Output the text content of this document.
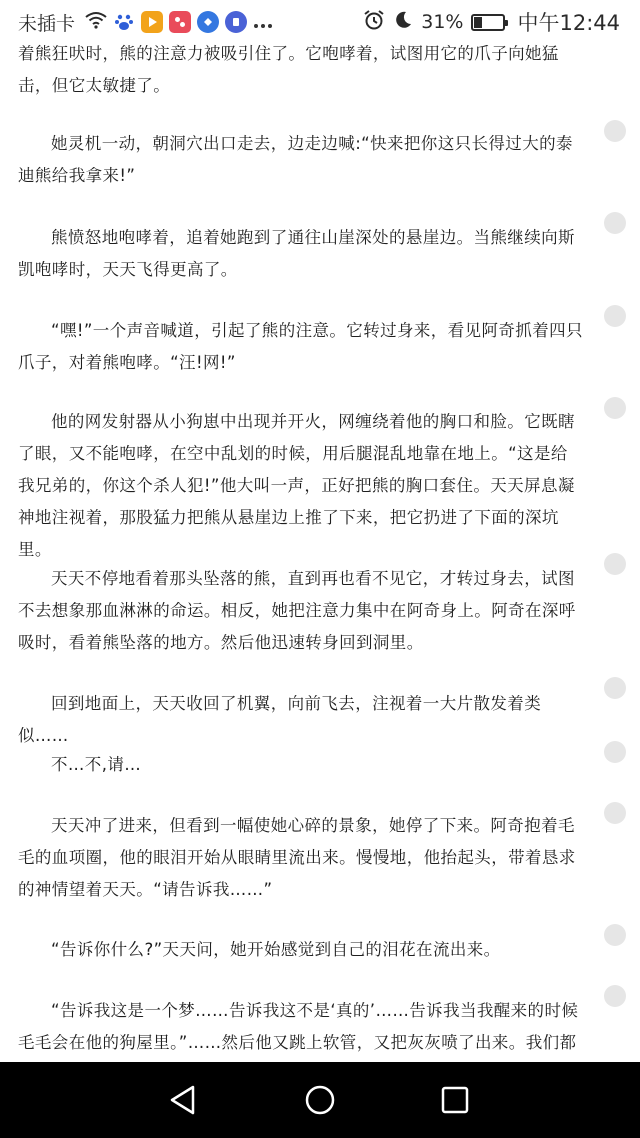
着熊狂吠时，熊的注意力被吸引住了。它咆哮着，试图用它的爪子向她猛击，但它太敏捷了。

她灵机一动，朝洞穴出口走去，边走边喊:“快来把你这只长得过大的泰迪熊给我拿来!”

熊愤怒地咆哮着，追着她跑到了通往山崖深处的悬崖边。当熊继续向斯凯咆哮时，天天飞得更高了。

“嘿!”一个声音喊道，引起了熊的注意。它转过身来，看见阿奇抓着四只爪子，对着熊咆哮。“汪!网!”

他的网发射器从小狗崽中出现并开火，网缠绕着他的胸口和脸。它既瞎了眼，又不能咆哮，在空中乱划的时候，用后腿混乱地靠在地上。“这是给我兄弟的，你这个杀人犯!”他大叫一声，正好把熊的胸口套住。天天屏息凝神地注视着，那股猛力把熊从悬崖边上推了下来，把它扔进了下面的深坑里。

天天不停地看着那头坠落的熊，直到再也看不见它，才转过身去，试图不去想象那血淋淋的命运。相反，她把注意力集中在阿奇身上。阿奇在深呼吸时，看着熊坠落的地方。然后他迅速转身回到洞里。

回到地面上，天天收回了机翼，向前飞去，注视着一大片散发着类似……

不…不,请…

天天冲了进来，但看到一幅使她心碎的景象，她停了下来。阿奇抱着毛毛的血项圈，他的眼泪开始从眼睛里流出来。慢慢地，他抬起头，带着恳求的神情望着天天。“请告诉我……”

“告诉你什么?”天天问，她开始感觉到自己的泪花在流出来。

“告诉我这是一个梦……告诉我这不是‘真的’……告诉我当我醒来的时候毛毛会在他的狗屋里。”……然后他又跳上软管，又把灰灰喷了出来。我们都

未插卡	31%	中午12:44
